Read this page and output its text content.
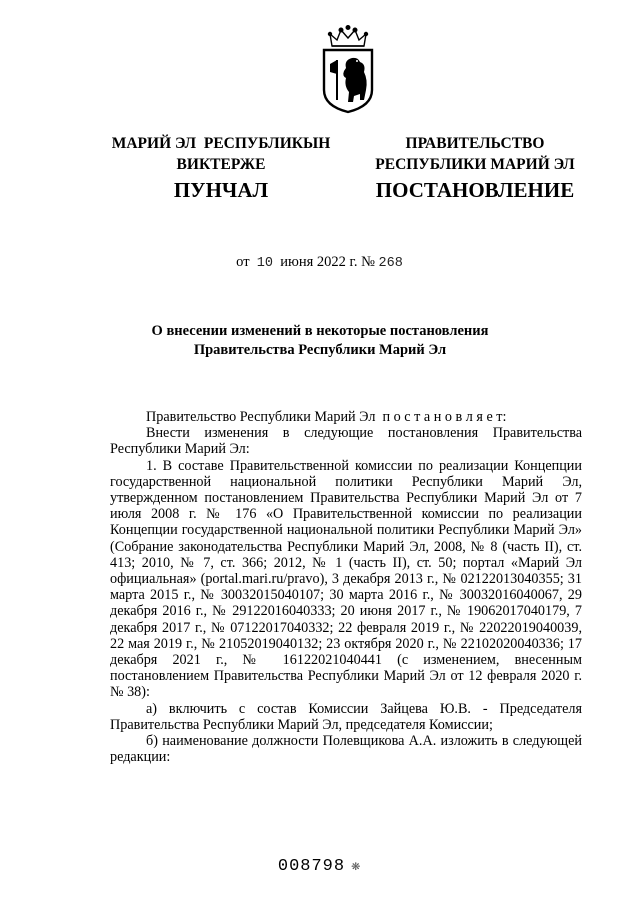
МАРИЙ ЭЛ  РЕСПУБЛИКЫН
ВИКТЕРЖЕ
ПУНЧАЛ
ПРАВИТЕЛЬСТВО
РЕСПУБЛИКИ МАРИЙ ЭЛ
ПОСТАНОВЛЕНИЕ
от 10 июня 2022 г. № 268
О внесении изменений в некоторые постановления
Правительства Республики Марий Эл

Правительство Республики Марий Эл  п о с т а н о в л я е т:

Внести изменения в следующие постановления Правительства Республики Марий Эл:

1. В составе Правительственной комиссии по реализации Концепции государственной национальной политики Республики Марий Эл, утвержденном постановлением Правительства Республики Марий Эл от 7 июля 2008 г. № 176 «О Правительственной комиссии по реализации Концепции государственной национальной политики Республики Марий Эл» (Собрание законодательства Республики Марий Эл, 2008, № 8 (часть II), ст. 413; 2010, № 7, ст. 366; 2012, № 1 (часть II), ст. 50; портал «Марий Эл официальная» (portal.mari.ru/pravo), 3 декабря 2013 г., № 02122013040355; 31 марта 2015 г., № 30032015040107; 30 марта 2016 г., № 30032016040067, 29 декабря 2016 г., № 29122016040333; 20 июня 2017 г., № 19062017040179, 7 декабря 2017 г., № 07122017040332; 22 февраля 2019 г., № 22022019040039, 22 мая 2019 г., № 21052019040132; 23 октября 2020 г., № 22102020040336; 17 декабря 2021 г., № 16122021040441 (с изменением, внесенным постановлением Правительства Республики Марий Эл от 12 февраля 2020 г. № 38):

а) включить с состав Комиссии Зайцева Ю.В. - Председателя Правительства Республики Марий Эл, председателя Комиссии;

б) наименование должности Полевщикова А.А. изложить в следующей редакции:

008798 ❋
